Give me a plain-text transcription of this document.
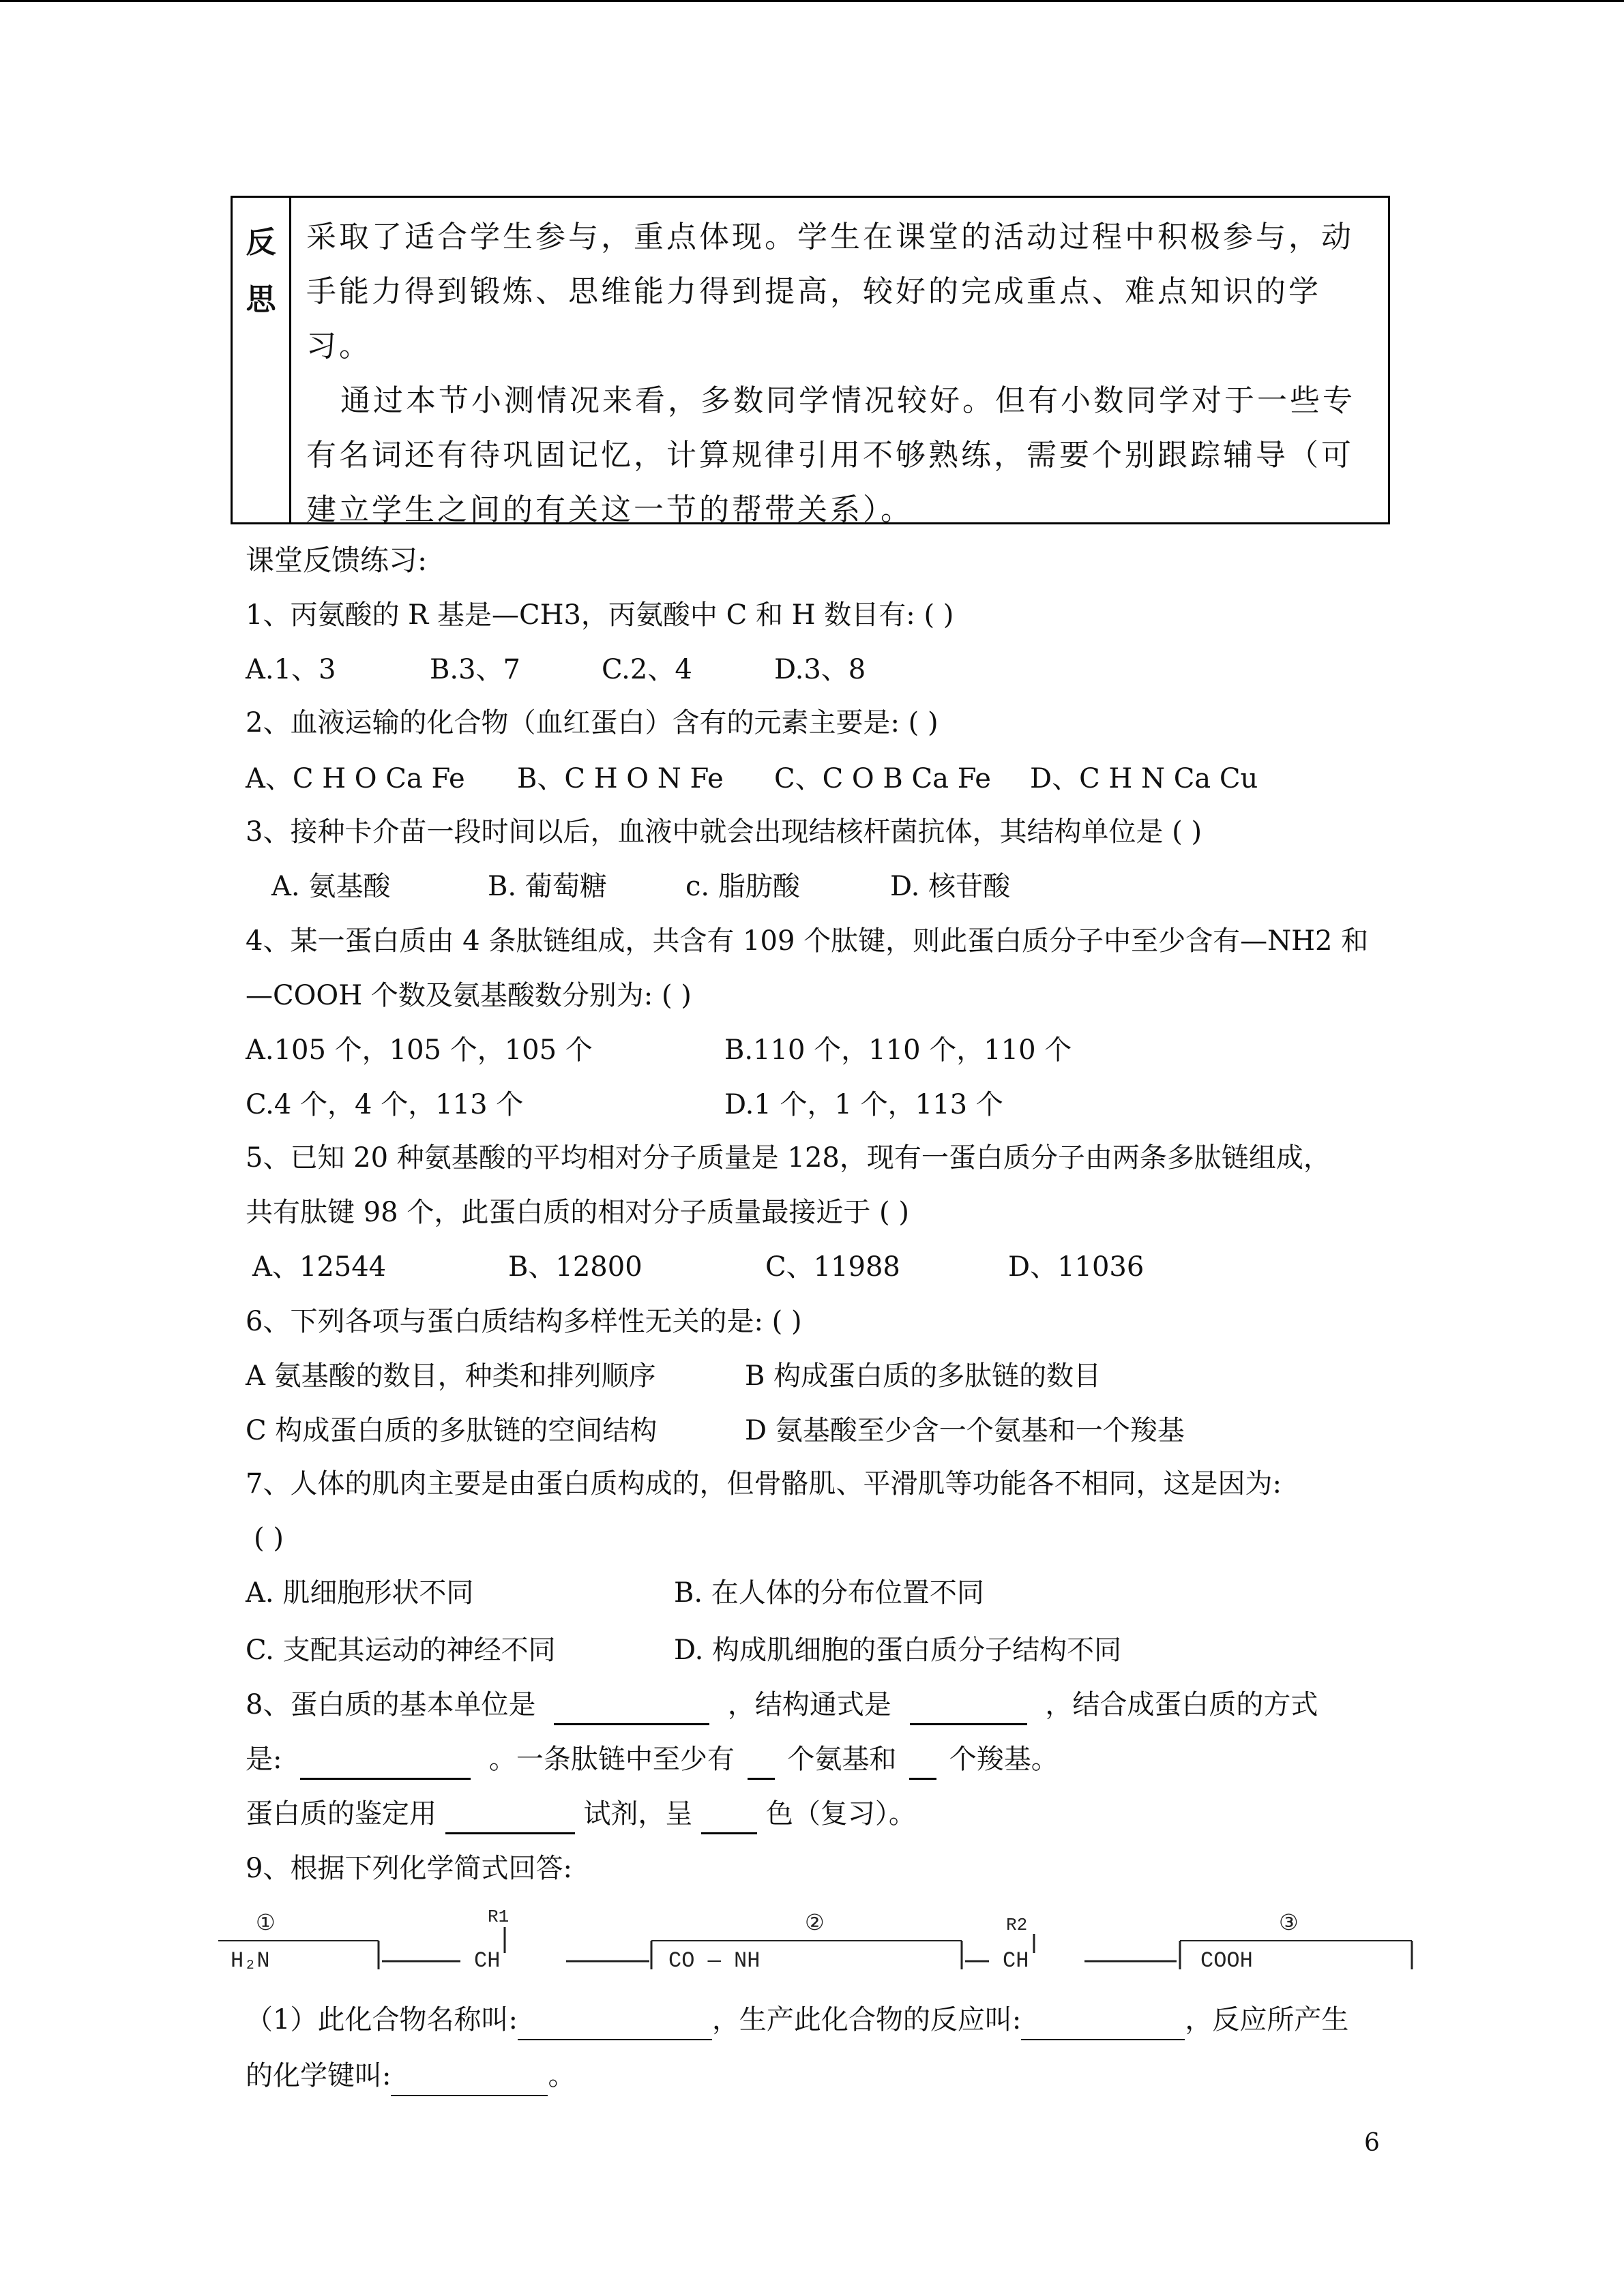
反
思

采取了适合学生参与，重点体现。学生在课堂的活动过程中积极参与，动手能力得到锻炼、思维能力得到提高，较好的完成重点、难点知识的学习。

通过本节小测情况来看，多数同学情况较好。但有小数同学对于一些专有名词还有待巩固记忆，计算规律引用不够熟练，需要个别跟踪辅导（可建立学生之间的有关这一节的帮带关系）。

课堂反馈练习:
1、丙氨酸的 R 基是—CH3，丙氨酸中 C 和 H 数目有: ( )
A.1、3	B.3、7	C.2、4	D.3、8
2、血液运输的化合物（血红蛋白）含有的元素主要是: ( )
A、C H O Ca Fe B、C H O N Fe C、C O B Ca Fe D、C H N Ca Cu
3、接种卡介苗一段时间以后，血液中就会出现结核杆菌抗体，其结构单位是 ( )
A. 氨基酸	B. 葡萄糖	c. 脂肪酸	D. 核苷酸
4、某一蛋白质由 4 条肽链组成，共含有 109 个肽键，则此蛋白质分子中至少含有—NH2 和
—COOH 个数及氨基酸数分别为: ( )
A.105 个，105 个，105 个	B.110 个，110 个，110 个
C.4 个，4 个，113 个	D.1 个，1 个，113 个
5、已知 20 种氨基酸的平均相对分子质量是 128，现有一蛋白质分子由两条多肽链组成，
共有肽键 98 个，此蛋白质的相对分子质量最接近于 ( )
A、12544	B、12800	C、11988	D、11036
6、下列各项与蛋白质结构多样性无关的是: ( )
A 氨基酸的数目，种类和排列顺序	B 构成蛋白质的多肽链的数目
C 构成蛋白质的多肽链的空间结构	D 氨基酸至少含一个氨基和一个羧基
7、人体的肌肉主要是由蛋白质构成的，但骨骼肌、平滑肌等功能各不相同，这是因为:
( )
A. 肌细胞形状不同	B. 在人体的分布位置不同
C. 支配其运动的神经不同	D. 构成肌细胞的蛋白质分子结构不同
8、蛋白质的基本单位是	，结构通式是	，结合成蛋白质的方式
是:	。一条肽链中至少有 个氨基和 个羧基。
蛋白质的鉴定用	试剂，呈	色（复习）。
9、根据下列化学简式回答:
①	②	③
R1	R2
H₂N	CH	CO — NH	CH	COOH
（1）此化合物名称叫:	，生产此化合物的反应叫:	，反应所产生
的化学键叫:	。
6
